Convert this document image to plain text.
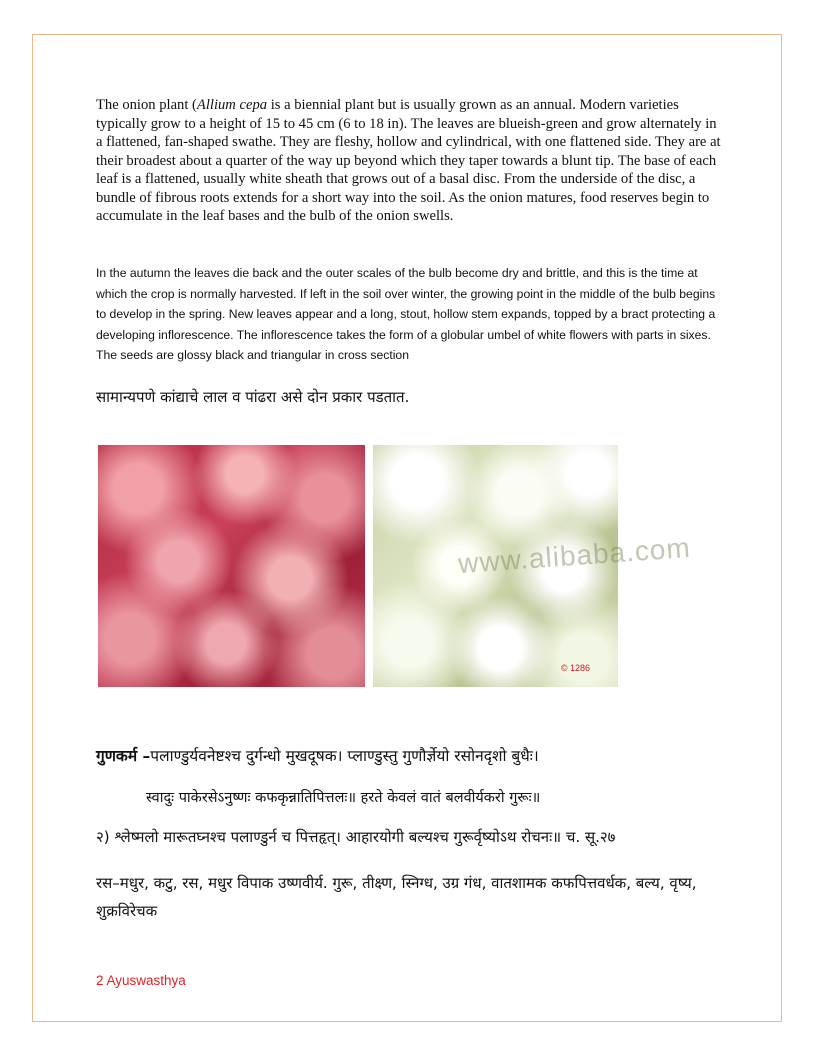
The onion plant (Allium cepa is a biennial plant but is usually grown as an annual. Modern varieties typically grow to a height of 15 to 45 cm (6 to 18 in). The leaves are blueish-green and grow alternately in a flattened, fan-shaped swathe. They are fleshy, hollow and cylindrical, with one flattened side. They are at their broadest about a quarter of the way up beyond which they taper towards a blunt tip. The base of each leaf is a flattened, usually white sheath that grows out of a basal disc. From the underside of the disc, a bundle of fibrous roots extends for a short way into the soil. As the onion matures, food reserves begin to accumulate in the leaf bases and the bulb of the onion swells.

In the autumn the leaves die back and the outer scales of the bulb become dry and brittle, and this is the time at which the crop is normally harvested. If left in the soil over winter, the growing point in the middle of the bulb begins to develop in the spring. New leaves appear and a long, stout, hollow stem expands, topped by a bract protecting a developing inflorescence. The inflorescence takes the form of a globular umbel of white flowers with parts in sixes. The seeds are glossy black and triangular in cross section

सामान्यपणे कांद्याचे लाल व पांढरा असे दोन प्रकार पडतात.

www.alibaba.com
© 1286

गुणकर्म –पलाण्डुर्यवनेष्टश्च दुर्गन्धो मुखदूषक। प्लाण्डुस्तु गुणौर्ज्ञेयो रसोनदृशो बुधैः।

स्वादुः पाकेरसेऽनुष्णः कफकृन्नातिपित्तलः॥ हरते केवलं वातं बलवीर्यकरो गुरूः॥

२) श्लेष्मलो मारूतघ्नश्च पलाण्डुर्न च पित्तहृत्। आहारयोगी बल्यश्च गुरूर्वृष्योऽथ रोचनः॥ च. सू.२७

रस–मधुर, कटु, रस, मधुर विपाक उष्णवीर्य. गुरू, तीक्ष्ण, स्निग्ध, उग्र गंध, वातशामक कफपित्तवर्धक, बल्य, वृष्य, शुक्रविरेचक

2 Ayuswasthya
